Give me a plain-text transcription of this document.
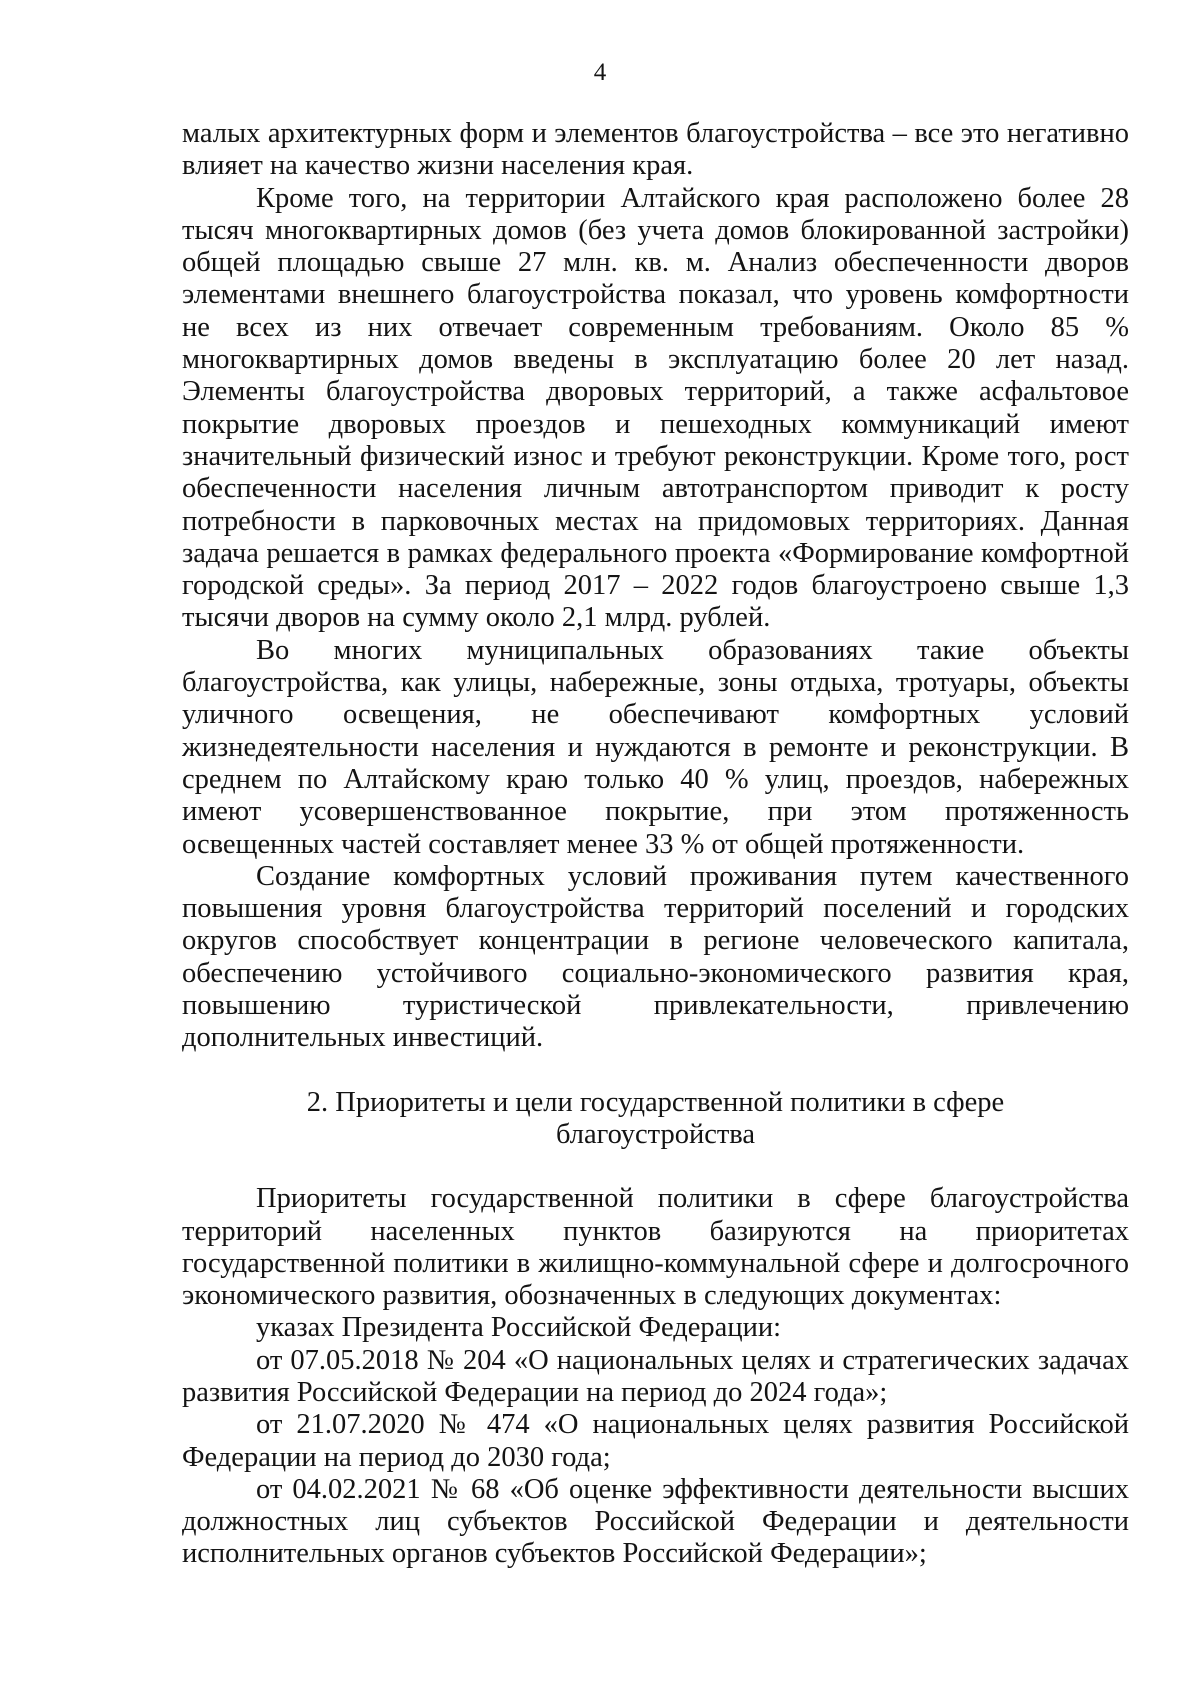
4

малых архитектурных форм и элементов благоустройства – все это негативно влияет на качество жизни населения края.

Кроме того, на территории Алтайского края расположено более 28 тысяч многоквартирных домов (без учета домов блокированной застройки) общей площадью свыше 27 млн. кв. м. Анализ обеспеченности дворов элементами внешнего благоустройства показал, что уровень комфортности не всех из них отвечает современным требованиям. Около 85 % многоквартирных домов введены в эксплуатацию более 20 лет назад. Элементы благоустройства дворовых территорий, а также асфальтовое покрытие дворовых проездов и пешеходных коммуникаций имеют значительный физический износ и требуют реконструкции. Кроме того, рост обеспеченности населения личным автотранспортом приводит к росту потребности в парковочных местах на придомовых территориях. Данная задача решается в рамках федерального проекта «Формирование комфортной городской среды». За период 2017 – 2022 годов благоустроено свыше 1,3 тысячи дворов на сумму около 2,1 млрд. рублей.

Во многих муниципальных образованиях такие объекты благоустройства, как улицы, набережные, зоны отдыха, тротуары, объекты уличного освещения, не обеспечивают комфортных условий жизнедеятельности населения и нуждаются в ремонте и реконструкции. В среднем по Алтайскому краю только 40 % улиц, проездов, набережных имеют усовершенствованное покрытие, при этом протяженность освещенных частей составляет менее 33 % от общей протяженности.

Создание комфортных условий проживания путем качественного повышения уровня благоустройства территорий поселений и городских округов способствует концентрации в регионе человеческого капитала, обеспечению устойчивого социально-экономического развития края, повышению туристической привлекательности, привлечению дополнительных инвестиций.

2. Приоритеты и цели государственной политики в сфере
благоустройства

Приоритеты государственной политики в сфере благоустройства территорий населенных пунктов базируются на приоритетах государственной политики в жилищно-коммунальной сфере и долгосрочного экономического развития, обозначенных в следующих документах:

указах Президента Российской Федерации:

от 07.05.2018 № 204 «О национальных целях и стратегических задачах развития Российской Федерации на период до 2024 года»;

от 21.07.2020 № 474 «О национальных целях развития Российской Федерации на период до 2030 года;

от 04.02.2021 № 68 «Об оценке эффективности деятельности высших должностных лиц субъектов Российской Федерации и деятельности исполнительных органов субъектов Российской Федерации»;
